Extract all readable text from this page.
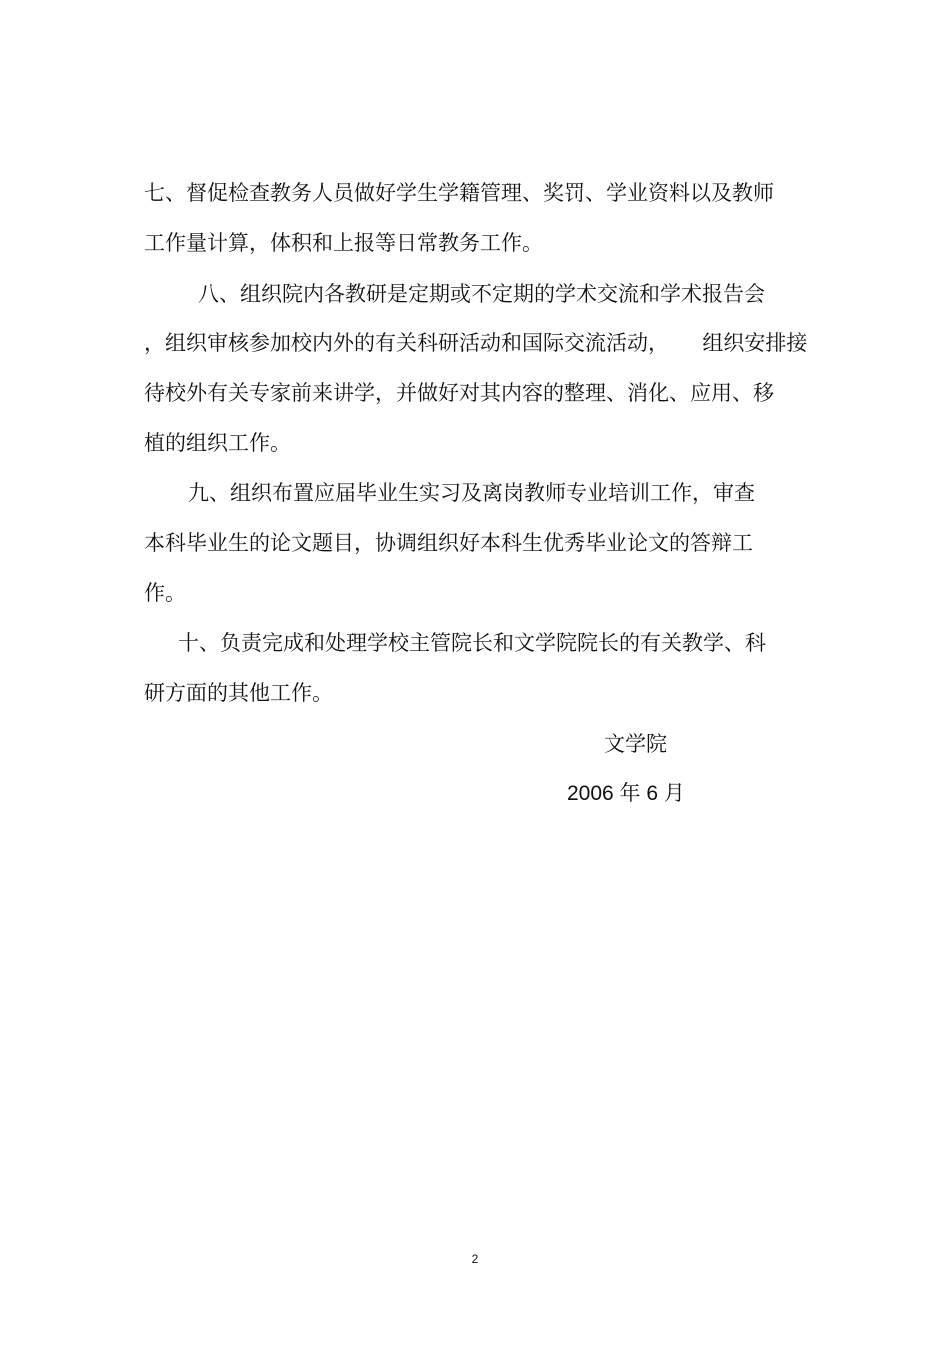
七、督促检查教务人员做好学生学籍管理、奖罚、学业资料以及教师
工作量计算，体积和上报等日常教务工作。
八、组织院内各教研是定期或不定期的学术交流和学术报告会
，组织审核参加校内外的有关科研活动和国际交流活动，     组织安排接
待校外有关专家前来讲学，并做好对其内容的整理、消化、应用、移
植的组织工作。
九、组织布置应届毕业生实习及离岗教师专业培训工作，审查
本科毕业生的论文题目，协调组织好本科生优秀毕业论文的答辩工
作。
十、负责完成和处理学校主管院长和文学院院长的有关教学、科
研方面的其他工作。
文学院
2006 年 6 月
2
